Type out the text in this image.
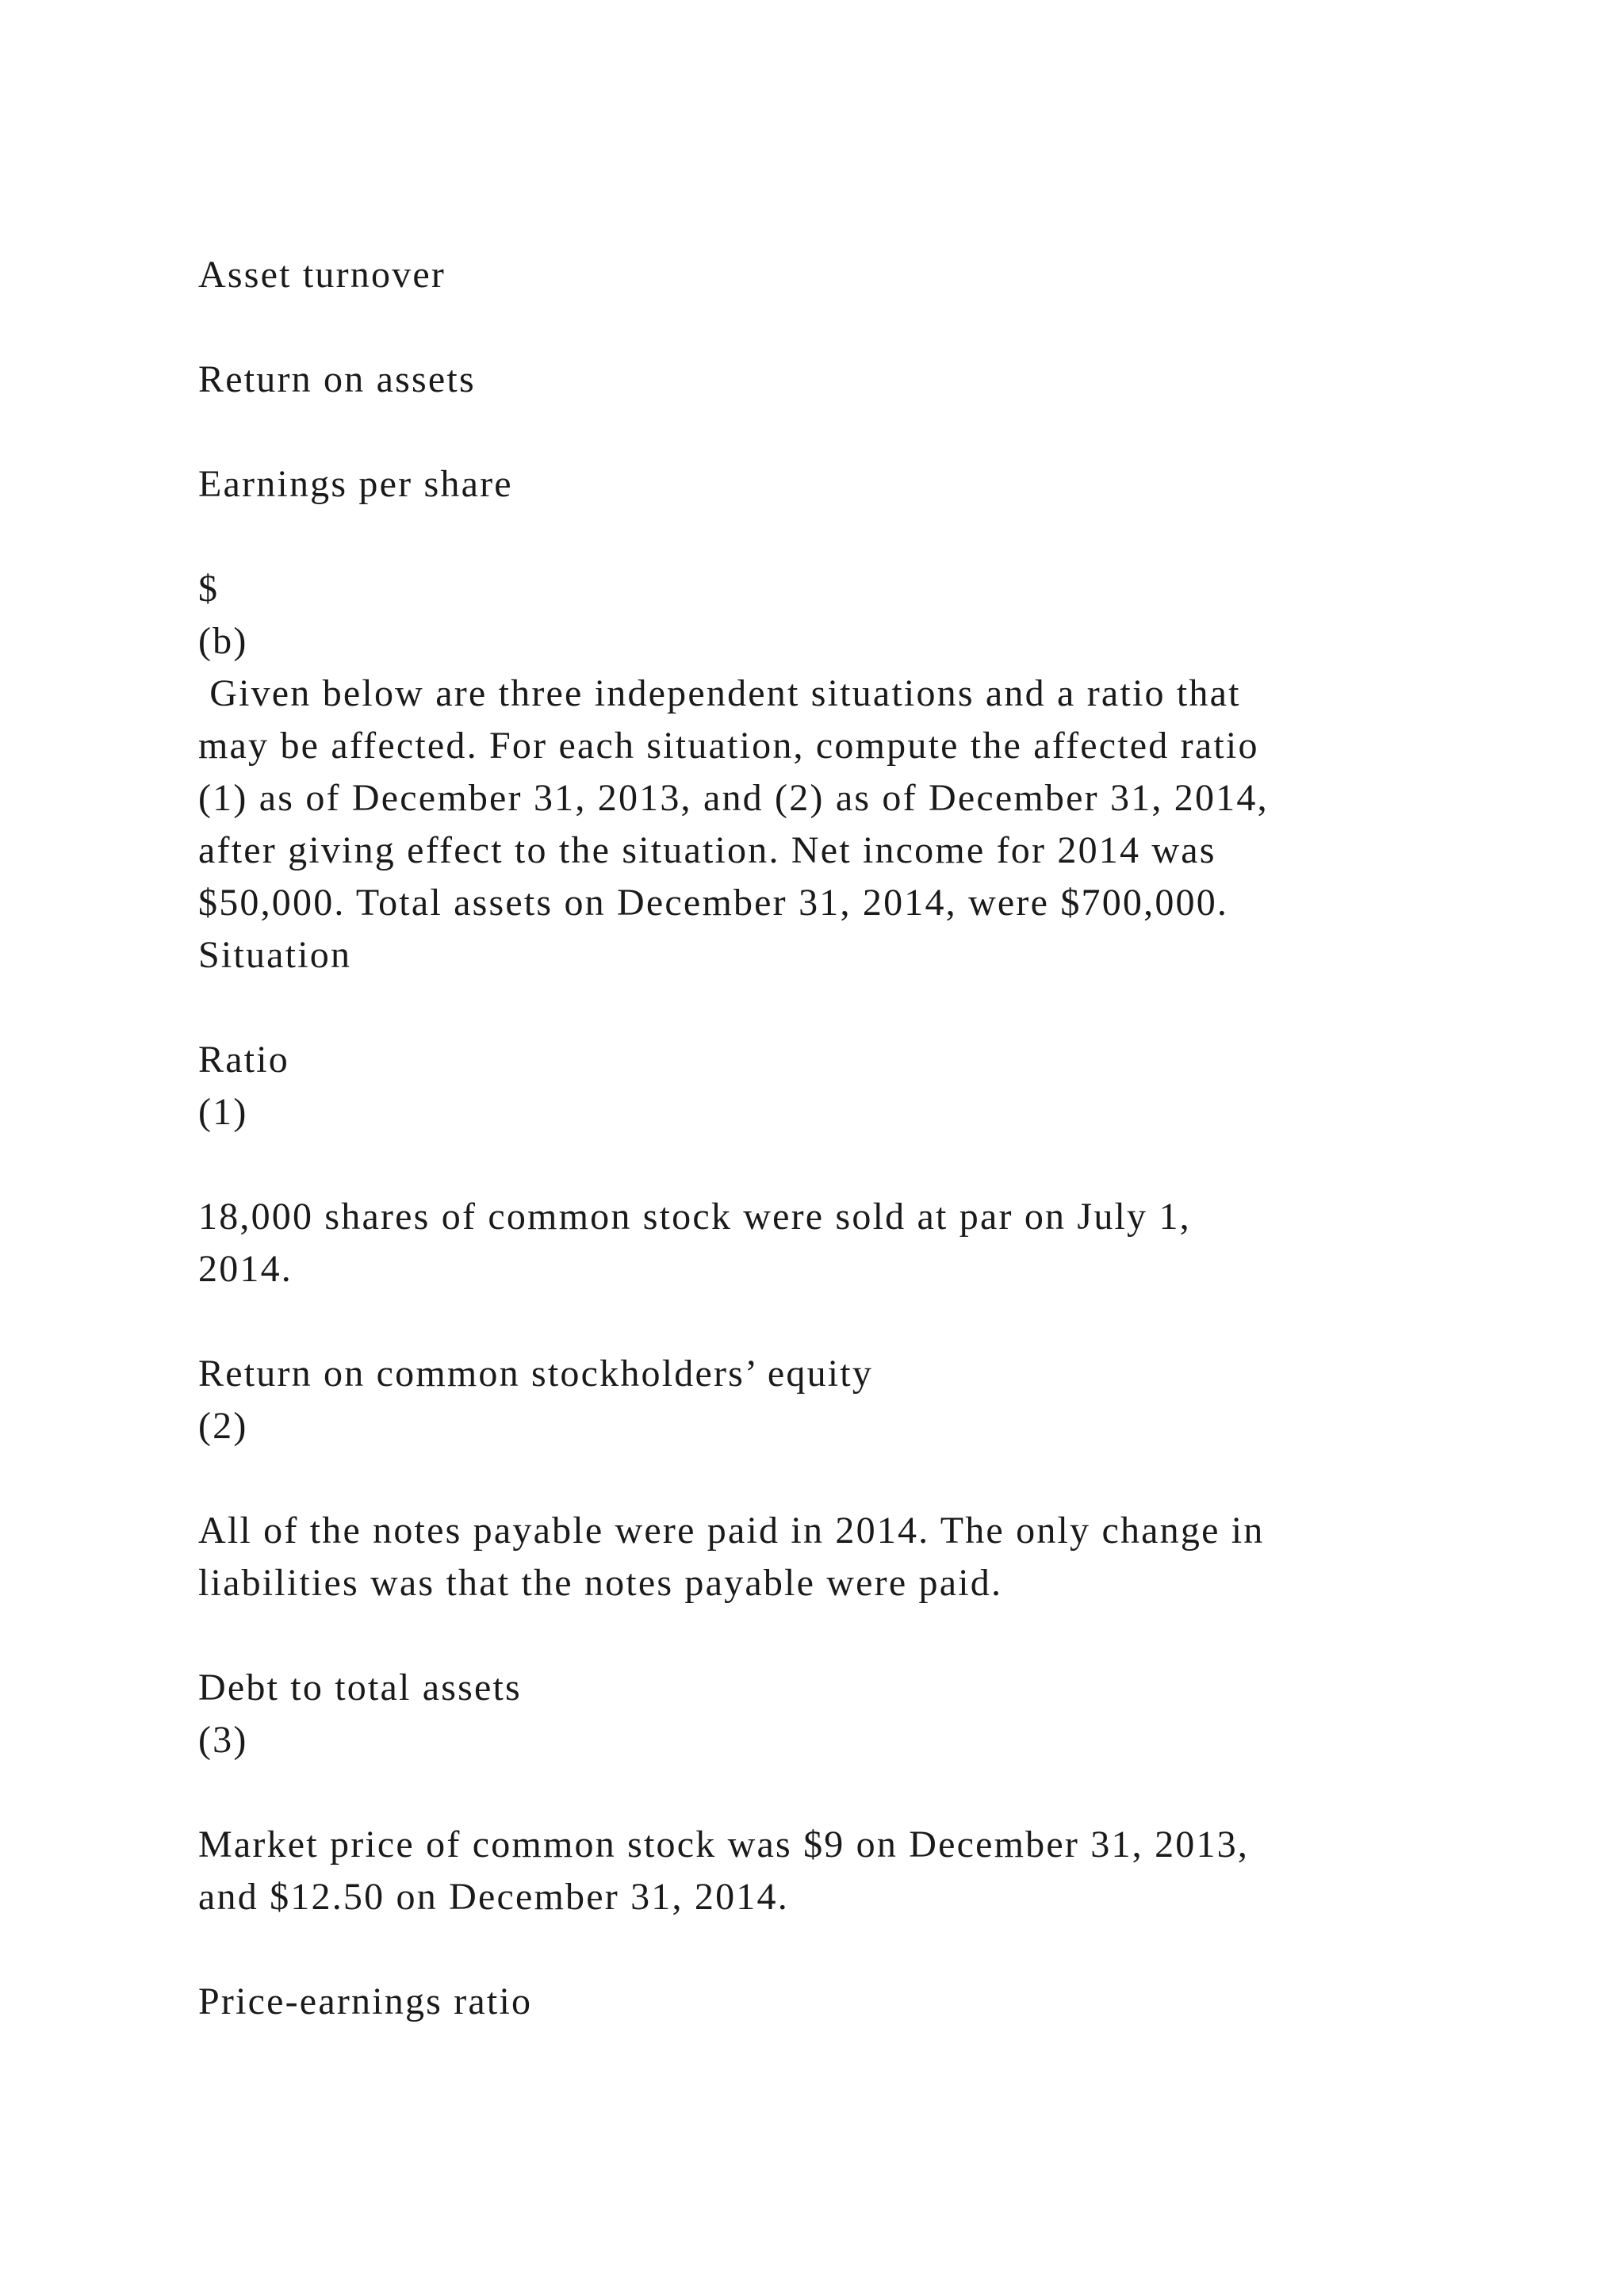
Asset turnover
Return on assets
Earnings per share
$
(b)
Given below are three independent situations and a ratio that
may be affected. For each situation, compute the affected ratio
(1) as of December 31, 2013, and (2) as of December 31, 2014,
after giving effect to the situation. Net income for 2014 was
$50,000. Total assets on December 31, 2014, were $700,000.
Situation
Ratio
(1)
18,000 shares of common stock were sold at par on July 1,
2014.
Return on common stockholders’ equity
(2)
All of the notes payable were paid in 2014. The only change in
liabilities was that the notes payable were paid.
Debt to total assets
(3)
Market price of common stock was $9 on December 31, 2013,
and $12.50 on December 31, 2014.
Price-earnings ratio
